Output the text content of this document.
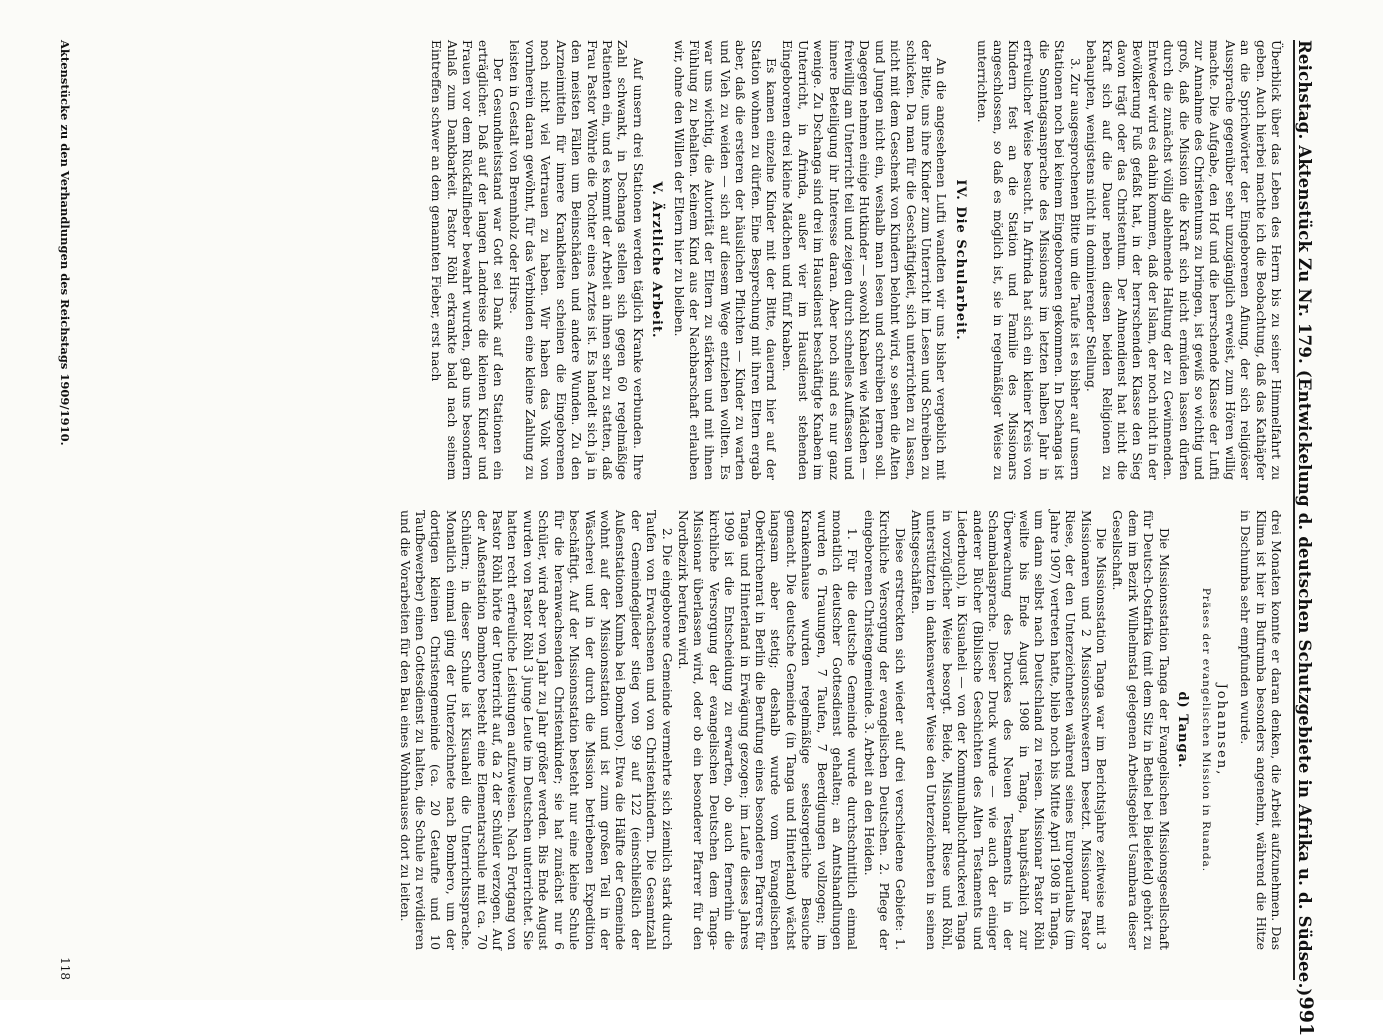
Reichstag. Aktenstück Zu Nr. 179. (Entwickelung d. deutschen Schutzgebiete in Afrika u. d. Südsee.)
991

Überblick über das Leben des Herrn bis zu seiner Himmelfahrt zu geben. Auch hierbei machte ich die Beobachtung, daß das Kathäpfer an die Sprichwörter der Eingeborenen Afiung, der sich religiöser Aussprache gegenüber sehr unzugänglich erweist, zum Hören willig machte. Die Aufgabe, den Hof und die herrschende Klasse der Lufti zur Annahme des Christentums zu bringen, ist gewiß so wichtig und groß, daß die Mission die Kraft sich nicht ermüden lassen dürfen durch die zunächst völlig ablehnende Haltung der zu Gewinnenden. Entweder wird es dahin kommen, daß der Islam, der noch nicht in der Bevölkerung Fuß gefaßt hat, in der herrschenden Klasse den Sieg davon trägt oder das Christentum. Der Ahnendienst hat nicht die Kraft sich auf die Dauer neben diesen beiden Religionen zu behaupten, wenigstens nicht in dominierender Stellung.

3. Zur ausgesprochenen Bitte um die Taufe ist es bisher auf unsern Stationen noch bei keinem Eingeborenen gekommen. In Dschanga ist die Sonntagsansprache des Missionars im letzten halben Jahr in erfreulicher Weise besucht. In Afrinda hat sich ein kleiner Kreis von Kindern fest an die Station und Familie des Missionars angeschlossen, so daß es möglich ist, sie in regelmäßiger Weise zu unterrichten.

IV. Die Schularbeit.

An die angesehenen Lufti wandten wir uns bisher vergeblich mit der Bitte, uns ihre Kinder zum Unterricht im Lesen und Schreiben zu schicken. Da man für die Geschäftigkeit, sich unterrichten zu lassen, nicht mit dem Geschenk von Kindern belohnt wird, so sehen die Alten und Jungen nicht ein, weshalb man lesen und schreiben lernen soll. Dagegen nehmen einige Hutkinder — sowohl Knaben wie Mädchen — freiwillig am Unterricht teil und zeigen durch schnelles Auffassen und innere Beteiligung ihr Interesse daran. Aber noch sind es nur ganz wenige. Zu Dschanga sind drei im Hausdienst beschäftigte Knaben im Unterricht, in Afrinda, außer vier im Hausdienst stehenden Eingeborenen drei kleine Mädchen und fünf Knaben.

Es kamen einzelne Kinder mit der Bitte, dauernd hier auf der Station wohnen zu dürfen. Eine Besprechung mit ihren Eltern ergab aber, daß die ersteren der häuslichen Pflichten — Kinder zu warten und Vieh zu weiden — sich auf diesem Wege entziehen wollten. Es war uns wichtig, die Autorität der Eltern zu stärken und mit ihnen Fühlung zu behalten. Keinem Kind aus der Nachbarschaft erlauben wir, ohne den Willen der Eltern hier zu bleiben.

V. Ärztliche Arbeit.

Auf unsern drei Stationen werden täglich Kranke verbunden. Ihre Zahl schwankt, in Dschanga stellen sich gegen 60 regelmäßige Patienten ein, und es kommt der Arbeit an ihnen sehr zu statten, daß Frau Pastor Wöhrle die Tochter eines Arztes ist. Es handelt sich ja in den meisten Fällen um Beinschäden und andere Wunden. Zu den Arzneimitteln für innere Krankheiten scheinen die Eingeborenen noch nicht viel Vertrauen zu haben. Wir haben das Volk von vornherein daran gewöhnt, für das Verbinden eine kleine Zahlung zu leisten in Gestalt von Brennholz oder Hirse.

Der Gesundheitsstand war Gott sei Dank auf den Stationen ein erträglicher. Daß auf der langen Landreise die kleinen Kinder und Frauen vor dem Rückfallfieber bewahrt wurden, gab uns besondern Anlaß zum Dankbarkeit. Pastor Röhl erkrankte bald nach seinem Eintreffen schwer an dem genannten Fieber, erst nach

drei Monaten konnte er daran denken, die Arbeit aufzunehmen. Das Klima ist hier in Bufrumba besonders angenehm, während die Hitze in Dschumba sehr empfunden wurde.

Johannsen,
Präses der evangelischen Mission in Ruanda.
d) Tanga.

Die Missionsstation Tanga der Evangelischen Missionsgesellschaft für Deutsch-Ostafrika (mit dem Sitz in Bethel bei Bielefeld) gehört zu dem im Bezirk Wilhelmstal gelegenen Arbeitsgebiet Usambara dieser Gesellschaft.

Die Missionsstation Tanga war im Berichtsjahre zeitweise mit 3 Missionaren und 2 Missionsschwestern besetzt. Missionar Pastor Riese, der den Unterzeichneten während seines Europaurlaubs (im Jahre 1907) vertreten hatte, blieb noch bis Mitte April 1908 in Tanga, um dann selbst nach Deutschland zu reisen. Missionar Pastor Röhl weilte bis Ende August 1908 in Tanga, hauptsächlich zur Überwachung des Druckes des Neuen Testaments in der Schambalasprache. Dieser Druck wurde — wie auch der einiger anderer Bücher (Biblische Geschichten des Alten Testaments und Liederbuch), in Kisuaheli — von der Kommunalbuchdruckerei Tanga in vorzüglicher Weise besorgt. Beide, Missionar Riese und Röhl, unterstützten in dankenswerter Weise den Unterzeichneten in seinen Amtsgeschäften.

Diese erstreckten sich wieder auf drei verschiedene Gebiete: 1. Kirchliche Versorgung der evangelischen Deutschen. 2. Pflege der eingeborenen Christengemeinde. 3. Arbeit an den Heiden.

1. Für die deutsche Gemeinde wurde durchschnittlich einmal monatlich deutscher Gottesdienst gehalten; an Amtshandlungen wurden 6 Trauungen, 7 Taufen, 7 Beerdigungen vollzogen; im Krankenhause wurden regelmäßige seelsorgerliche Besuche gemacht. Die deutsche Gemeinde (in Tanga und Hinterland) wächst langsam aber stetig; deshalb wurde vom Evangelischen Oberkirchenrat in Berlin die Berufung eines besonderen Pfarrers für Tanga und Hinterland in Erwägung gezogen; im Laufe dieses Jahres 1909 ist die Entscheidung zu erwarten, ob auch fernerhin die kirchliche Versorgung der evangelischen Deutschen dem Tanga-Missionar überlassen wird, oder ob ein besonderer Pfarrer für den Nordbezirk berufen wird.

2. Die eingeborene Gemeinde vermehrte sich ziemlich stark durch Taufen von Erwachsenen und von Christenkindern. Die Gesamtzahl der Gemeindeglieder stieg von 99 auf 122 (einschließlich der Außenstationen Kumba bei Bombero). Etwa die Hälfte der Gemeinde wohnt auf der Missionsstation und ist zum großen Teil in der Wäscherei und in der durch die Mission betriebenen Expedition beschäftigt. Auf der Missionsstation besteht nur eine kleine Schule für die heranwachsenden Christenkinder; sie hat zunächst nur 6 Schüler, wird aber von Jahr zu Jahr größer werden. Bis Ende August wurden von Pastor Röhl 3 junge Leute im Deutschen unterrichtet. Sie hatten recht erfreuliche Leistungen aufzuweisen. Nach Fortgang von Pastor Röhl hörte der Unterricht auf, da 2 der Schüler verzogen. Auf der Außenstation Bombero besteht eine Elementarschule mit ca. 70 Schülern; in dieser Schule ist Kisuaheli die Unterrichtssprache. Monatlich einmal ging der Unterzeichnete nach Bombero, um der dortigen kleinen Christengemeinde (ca. 20 Getaufte und 10 Taufbewerber) einen Gottesdienst zu halten, die Schule zu revidieren und die Vorarbeiten für den Bau eines Wohnhauses dort zu leiten.

Aktenstücke zu den Verhandlungen des Reichstags 1909/1910.
118
